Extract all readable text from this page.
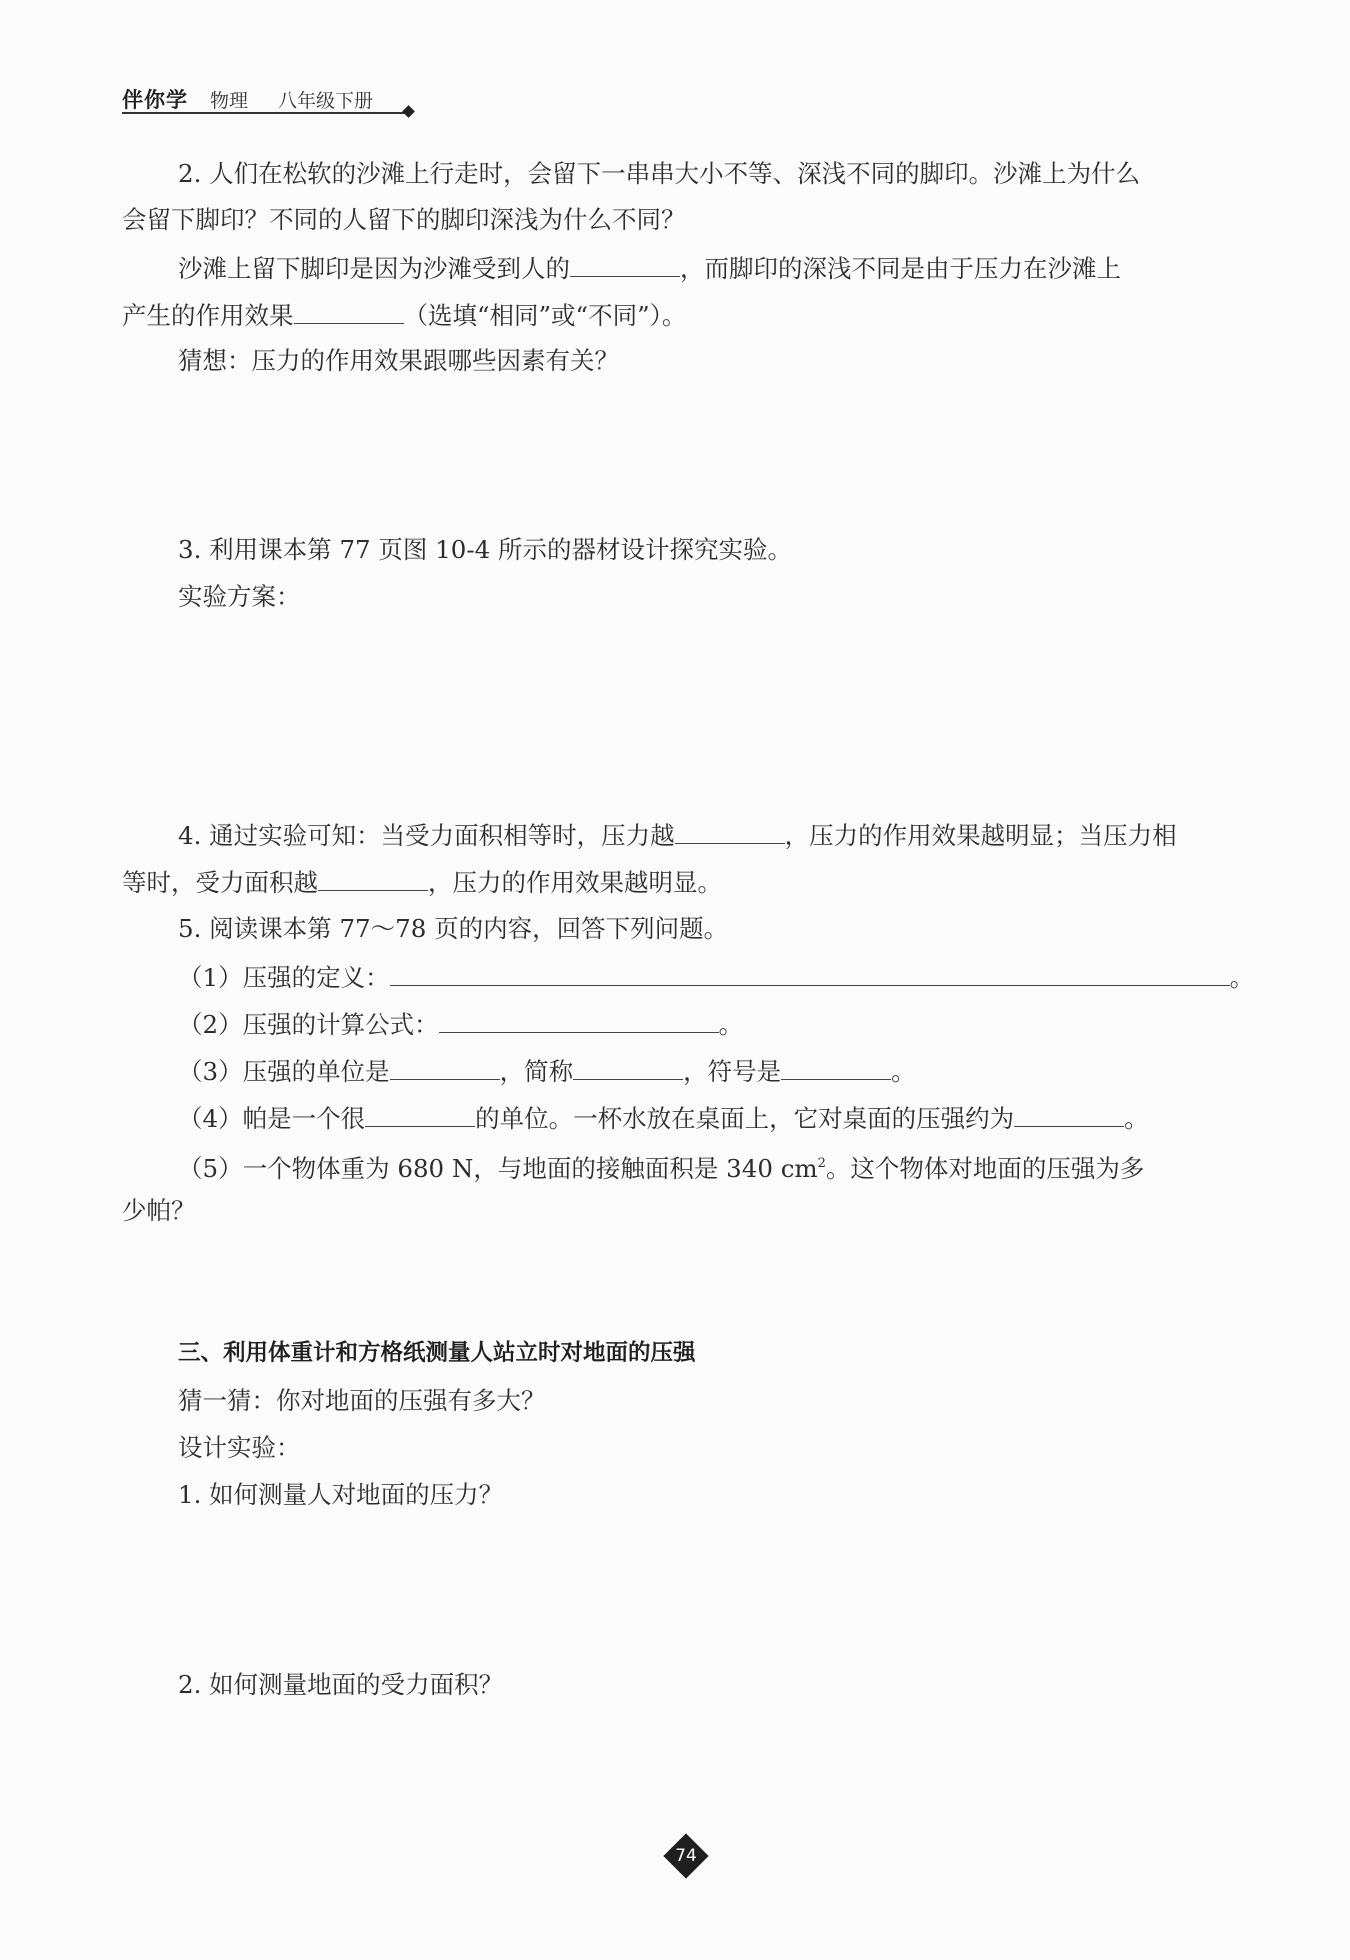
伴你学 物理 八年级下册
2. 人们在松软的沙滩上行走时，会留下一串串大小不等、深浅不同的脚印。沙滩上为什么
会留下脚印？不同的人留下的脚印深浅为什么不同？
沙滩上留下脚印是因为沙滩受到人的	，而脚印的深浅不同是由于压力在沙滩上
产生的作用效果	（选填“相同”或“不同”）。
猜想：压力的作用效果跟哪些因素有关？
3. 利用课本第 77 页图 10-4 所示的器材设计探究实验。
实验方案：
4. 通过实验可知：当受力面积相等时，压力越	，压力的作用效果越明显；当压力相
等时，受力面积越	，压力的作用效果越明显。
5. 阅读课本第 77～78 页的内容，回答下列问题。
（1）压强的定义：	。
（2）压强的计算公式：	。
（3）压强的单位是	，简称	，符号是	。
（4）帕是一个很	的单位。一杯水放在桌面上，它对桌面的压强约为	。
（5）一个物体重为 680 N，与地面的接触面积是 340 $cm^2$。这个物体对地面的压强为多
少帕？
三、利用体重计和方格纸测量人站立时对地面的压强
猜一猜：你对地面的压强有多大？
设计实验：
1. 如何测量人对地面的压力？
2. 如何测量地面的受力面积？
74
